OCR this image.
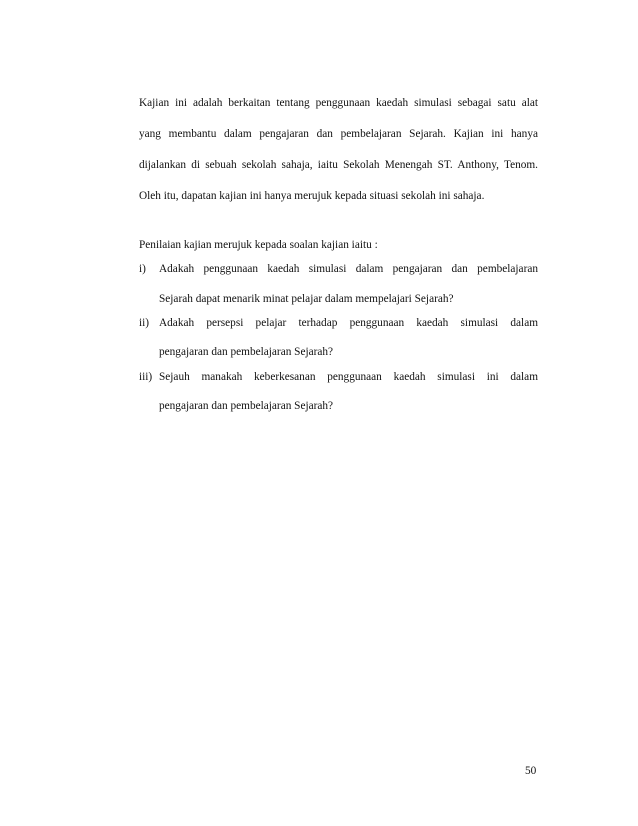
Kajian ini adalah berkaitan tentang penggunaan kaedah simulasi sebagai satu alat
yang membantu dalam pengajaran dan pembelajaran Sejarah. Kajian ini hanya
dijalankan di sebuah sekolah sahaja, iaitu Sekolah Menengah ST. Anthony, Tenom.
Oleh itu, dapatan kajian ini hanya merujuk kepada situasi sekolah ini sahaja.
Penilaian kajian merujuk kepada soalan kajian iaitu :
i) Adakah penggunaan kaedah simulasi dalam pengajaran dan pembelajaran
Sejarah dapat menarik minat pelajar dalam mempelajari Sejarah?
ii) Adakah persepsi pelajar terhadap penggunaan kaedah simulasi dalam
pengajaran dan pembelajaran Sejarah?
iii) Sejauh manakah keberkesanan penggunaan kaedah simulasi ini dalam
pengajaran dan pembelajaran Sejarah?
50
